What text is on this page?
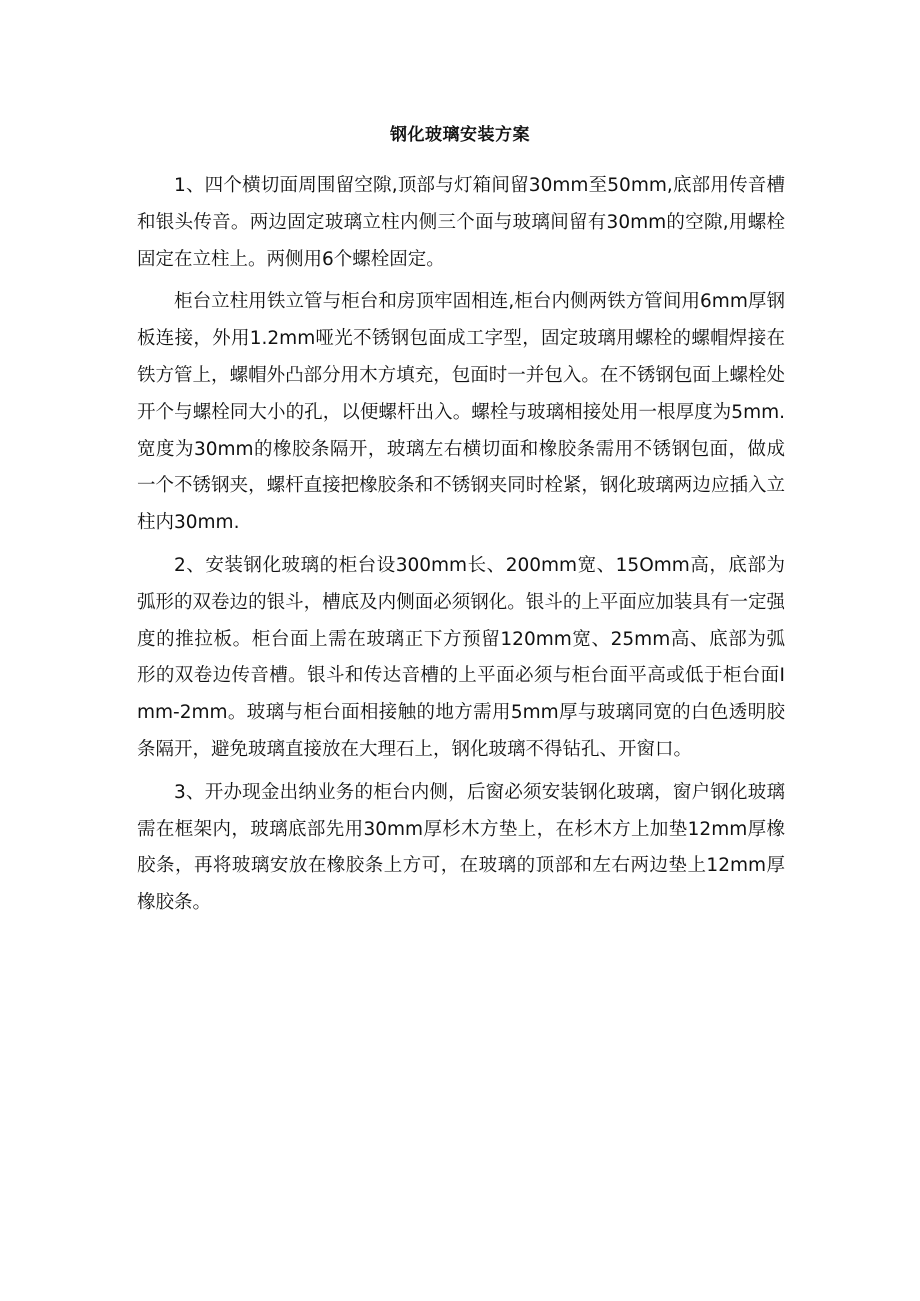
钢化玻璃安装方案

1、四个横切面周围留空隙,顶部与灯箱间留30mm至50mm,底部用传音槽和银头传音。两边固定玻璃立柱内侧三个面与玻璃间留有30mm的空隙,用螺栓固定在立柱上。两侧用6个螺栓固定。

柜台立柱用铁立管与柜台和房顶牢固相连,柜台内侧两铁方管间用6mm厚钢板连接，外用1.2mm哑光不锈钢包面成工字型，固定玻璃用螺栓的螺帽焊接在铁方管上，螺帽外凸部分用木方填充，包面时一并包入。在不锈钢包面上螺栓处开个与螺栓同大小的孔，以便螺杆出入。螺栓与玻璃相接处用一根厚度为5mm.宽度为30mm的橡胶条隔开，玻璃左右横切面和橡胶条需用不锈钢包面，做成一个不锈钢夹，螺杆直接把橡胶条和不锈钢夹同时栓紧，钢化玻璃两边应插入立柱内30mm.

2、安装钢化玻璃的柜台设300mm长、200mm宽、15Omm高，底部为弧形的双卷边的银斗，槽底及内侧面必须钢化。银斗的上平面应加装具有一定强度的推拉板。柜台面上需在玻璃正下方预留120mm宽、25mm高、底部为弧形的双卷边传音槽。银斗和传达音槽的上平面必须与柜台面平高或低于柜台面Imm-2mm。玻璃与柜台面相接触的地方需用5mm厚与玻璃同宽的白色透明胶条隔开，避免玻璃直接放在大理石上，钢化玻璃不得钻孔、开窗口。

3、开办现金出纳业务的柜台内侧，后窗必须安装钢化玻璃，窗户钢化玻璃需在框架内，玻璃底部先用30mm厚杉木方垫上，在杉木方上加垫12mm厚橡胶条，再将玻璃安放在橡胶条上方可，在玻璃的顶部和左右两边垫上12mm厚橡胶条。
